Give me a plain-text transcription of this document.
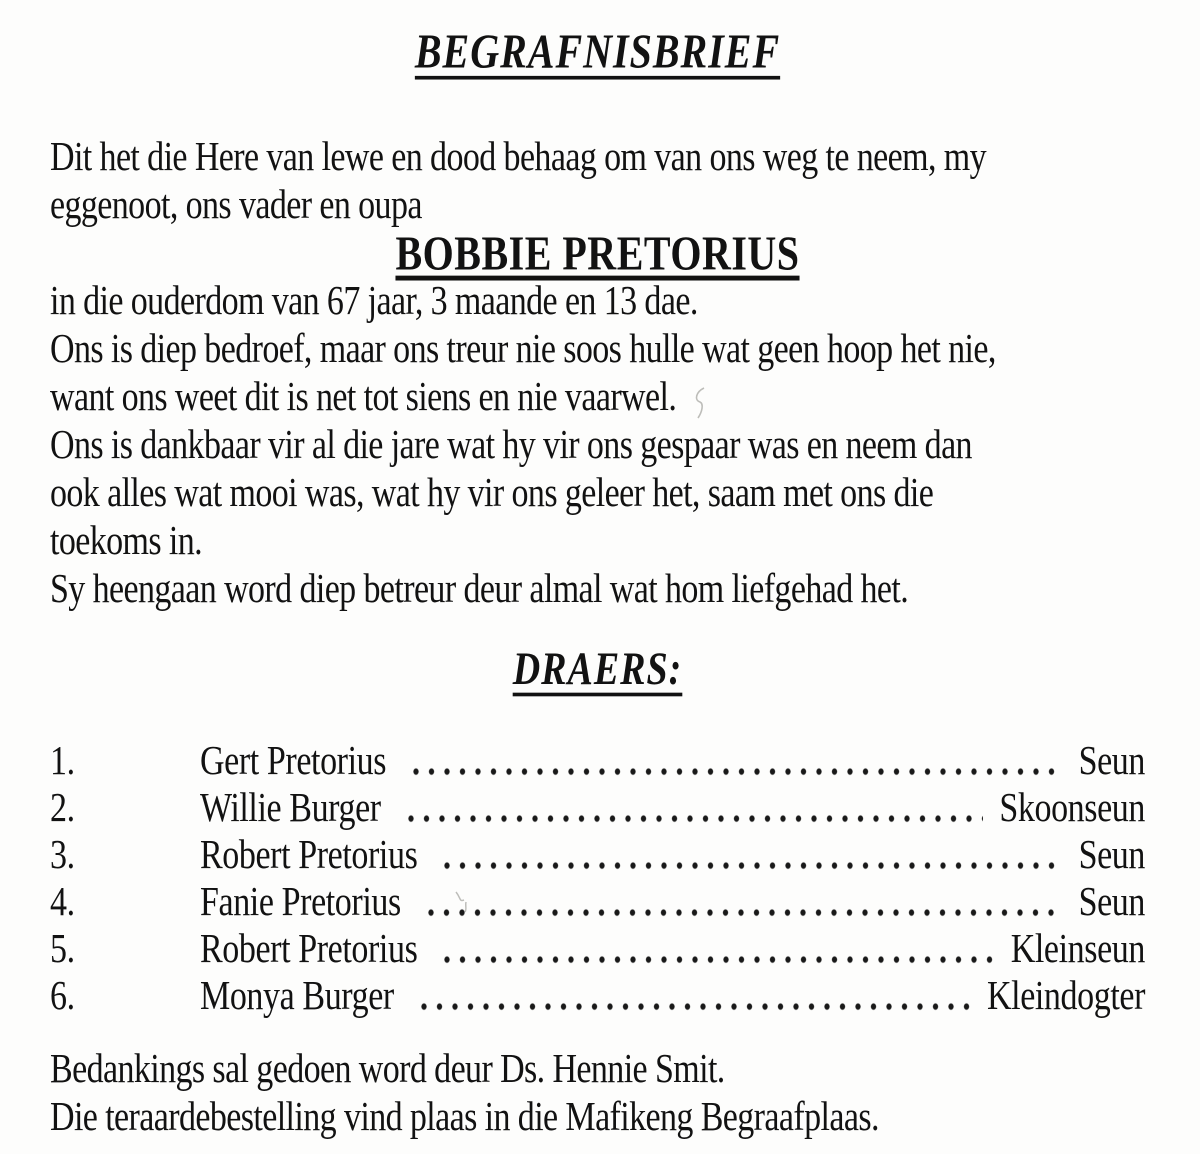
BEGRAFNISBRIEF
Dit het die Here van lewe en dood behaag om van ons weg te neem, my
eggenoot, ons vader en oupa
BOBBIE PRETORIUS
in die ouderdom van 67 jaar, 3 maande en 13 dae.
Ons is diep bedroef, maar ons treur nie soos hulle wat geen hoop het nie,
want ons weet dit is net tot siens en nie vaarwel.
Ons is dankbaar vir al die jare wat hy vir ons gespaar was en neem dan
ook alles wat mooi was, wat hy vir ons geleer het, saam met ons die
toekoms in.
Sy heengaan word diep betreur deur almal wat hom liefgehad het.
DRAERS:
1.	Gert Pretorius	Seun
2.	Willie Burger	Skoonseun
3.	Robert Pretorius	Seun
4.	Fanie Pretorius	Seun
5.	Robert Pretorius	Kleinseun
6.	Monya Burger	Kleindogter
Bedankings sal gedoen word deur Ds. Hennie Smit.
Die teraardebestelling vind plaas in die Mafikeng Begraafplaas.
